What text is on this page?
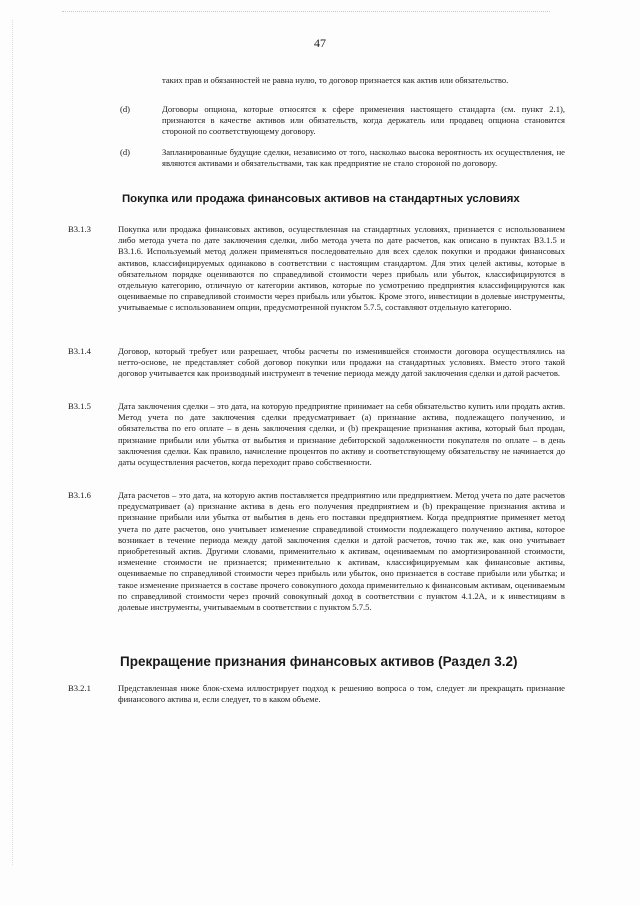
47
таких прав и обязанностей не равна нулю, то договор признается как актив или обязательство.
(d)	Договоры опциона, которые относятся к сфере применения настоящего стандарта (см. пункт 2.1), признаются в качестве активов или обязательств, когда держатель или продавец опциона становится стороной по соответствующему договору.
(d)	Запланированные будущие сделки, независимо от того, насколько высока вероятность их осуществления, не являются активами и обязательствами, так как предприятие не стало стороной по договору.
Покупка или продажа финансовых активов на стандартных условиях
B3.1.3	Покупка или продажа финансовых активов, осуществленная на стандартных условиях, признается с использованием либо метода учета по дате заключения сделки, либо метода учета по дате расчетов, как описано в пунктах B3.1.5 и B3.1.6. Используемый метод должен применяться последовательно для всех сделок покупки и продажи финансовых активов, классифицируемых одинаково в соответствии с настоящим стандартом. Для этих целей активы, которые в обязательном порядке оцениваются по справедливой стоимости через прибыль или убыток, классифицируются в отдельную категорию, отличную от категории активов, которые по усмотрению предприятия классифицируются как оцениваемые по справедливой стоимости через прибыль или убыток. Кроме этого, инвестиции в долевые инструменты, учитываемые с использованием опции, предусмотренной пунктом 5.7.5, составляют отдельную категорию.
B3.1.4	Договор, который требует или разрешает, чтобы расчеты по изменившейся стоимости договора осуществлялись на нетто-основе, не представляет собой договор покупки или продажи на стандартных условиях. Вместо этого такой договор учитывается как производный инструмент в течение периода между датой заключения сделки и датой расчетов.
B3.1.5	Дата заключения сделки – это дата, на которую предприятие принимает на себя обязательство купить или продать актив. Метод учета по дате заключения сделки предусматривает (a) признание актива, подлежащего получению, и обязательства по его оплате – в день заключения сделки, и (b) прекращение признания актива, который был продан, признание прибыли или убытка от выбытия и признание дебиторской задолженности покупателя по оплате – в день заключения сделки. Как правило, начисление процентов по активу и соответствующему обязательству не начинается до даты осуществления расчетов, когда переходит право собственности.
B3.1.6	Дата расчетов – это дата, на которую актив поставляется предприятию или предприятием. Метод учета по дате расчетов предусматривает (a) признание актива в день его получения предприятием и (b) прекращение признания актива и признание прибыли или убытка от выбытия в день его поставки предприятием. Когда предприятие применяет метод учета по дате расчетов, оно учитывает изменение справедливой стоимости подлежащего получению актива, которое возникает в течение периода между датой заключения сделки и датой расчетов, точно так же, как оно учитывает приобретенный актив. Другими словами, применительно к активам, оцениваемым по амортизированной стоимости, изменение стоимости не признается; применительно к активам, классифицируемым как финансовые активы, оцениваемые по справедливой стоимости через прибыль или убыток, оно признается в составе прибыли или убытка; и такое изменение признается в составе прочего совокупного дохода применительно к финансовым активам, оцениваемым по справедливой стоимости через прочий совокупный доход в соответствии с пунктом 4.1.2A, и к инвестициям в долевые инструменты, учитываемым в соответствии с пунктом 5.7.5.
Прекращение признания финансовых активов (Раздел 3.2)
B3.2.1	Представленная ниже блок-схема иллюстрирует подход к решению вопроса о том, следует ли прекращать признание финансового актива и, если следует, то в каком объеме.
